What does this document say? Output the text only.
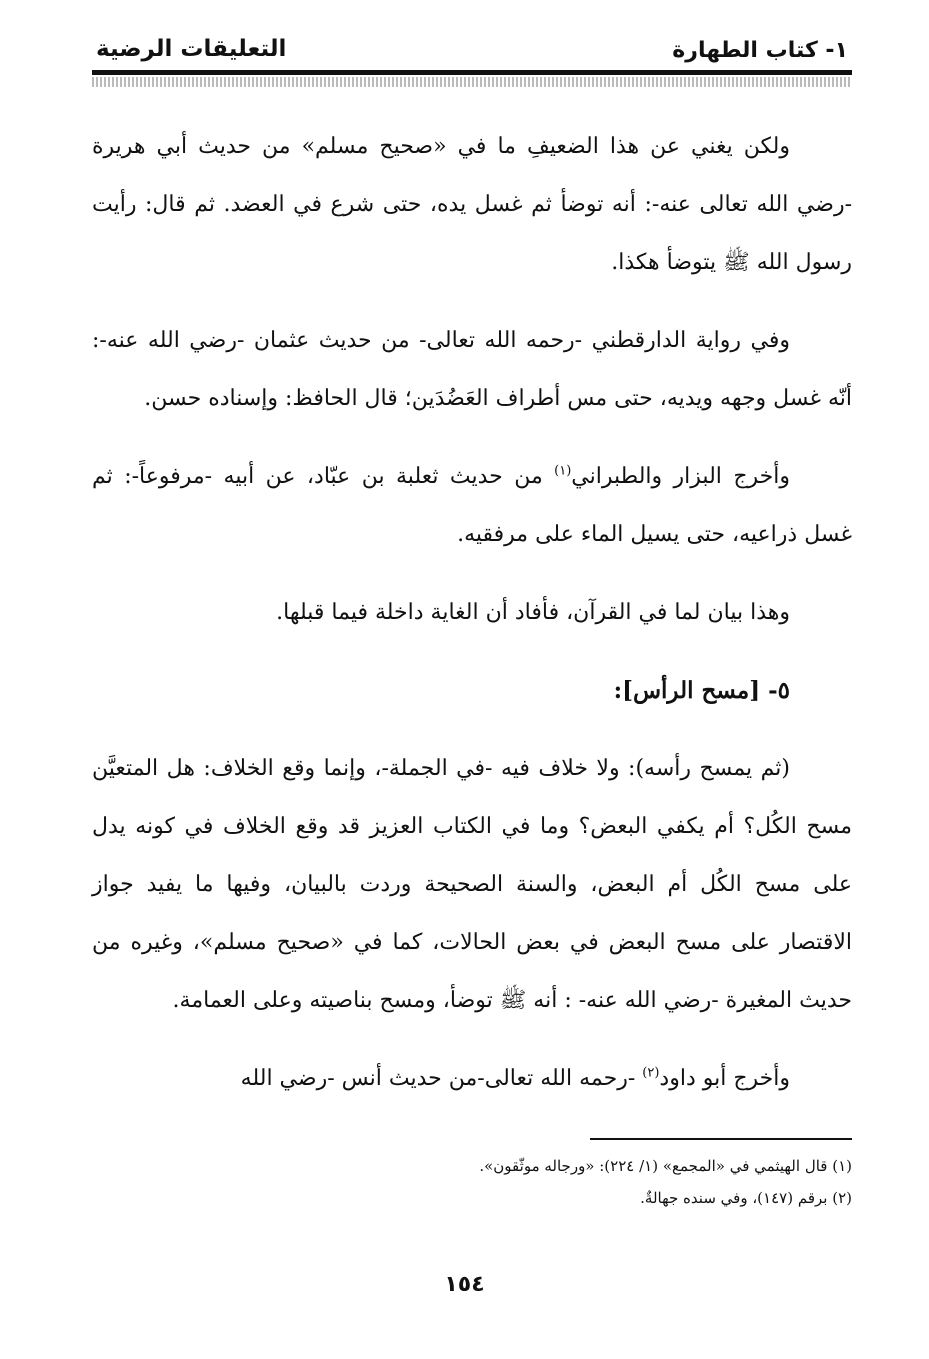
١- كتاب الطهارة
التعليقات الرضية

ولكن يغني عن هذا الضعيفِ ما في «صحيح مسلم» من حديث أبي هريرة -رضي الله تعالى عنه-: أنه توضأ ثم غسل يده، حتى شرع في العضد. ثم قال: رأيت رسول الله ﷺ يتوضأ هكذا.

وفي رواية الدارقطني -رحمه الله تعالى- من حديث عثمان -رضي الله عنه-: أنّه غسل وجهه ويديه، حتى مس أطراف العَضُدَين؛ قال الحافظ: وإسناده حسن.

وأخرج البزار والطبراني$^{(١)}$ من حديث ثعلبة بن عبّاد، عن أبيه -مرفوعاً-: ثم غسل ذراعيه، حتى يسيل الماء على مرفقيه.

وهذا بيان لما في القرآن، فأفاد أن الغاية داخلة فيما قبلها.

٥- [مسح الرأس]:

(ثم يمسح رأسه): ولا خلاف فيه -في الجملة-، وإنما وقع الخلاف: هل المتعيَّن مسح الكُل؟ أم يكفي البعض؟ وما في الكتاب العزيز قد وقع الخلاف في كونه يدل على مسح الكُل أم البعض، والسنة الصحيحة وردت بالبيان، وفيها ما يفيد جواز الاقتصار على مسح البعض في بعض الحالات، كما في «صحيح مسلم»، وغيره من حديث المغيرة -رضي الله عنه- : أنه ﷺ توضأ، ومسح بناصيته وعلى العمامة.

وأخرج أبو داود$^{(٢)}$ -رحمه الله تعالى-من حديث أنس -رضي الله

(١) قال الهيثمي في «المجمع» (١/ ٢٢٤): «ورجاله موثّقون».

(٢) برقم (١٤٧)، وفي سنده جهالةٌ.

١٥٤
